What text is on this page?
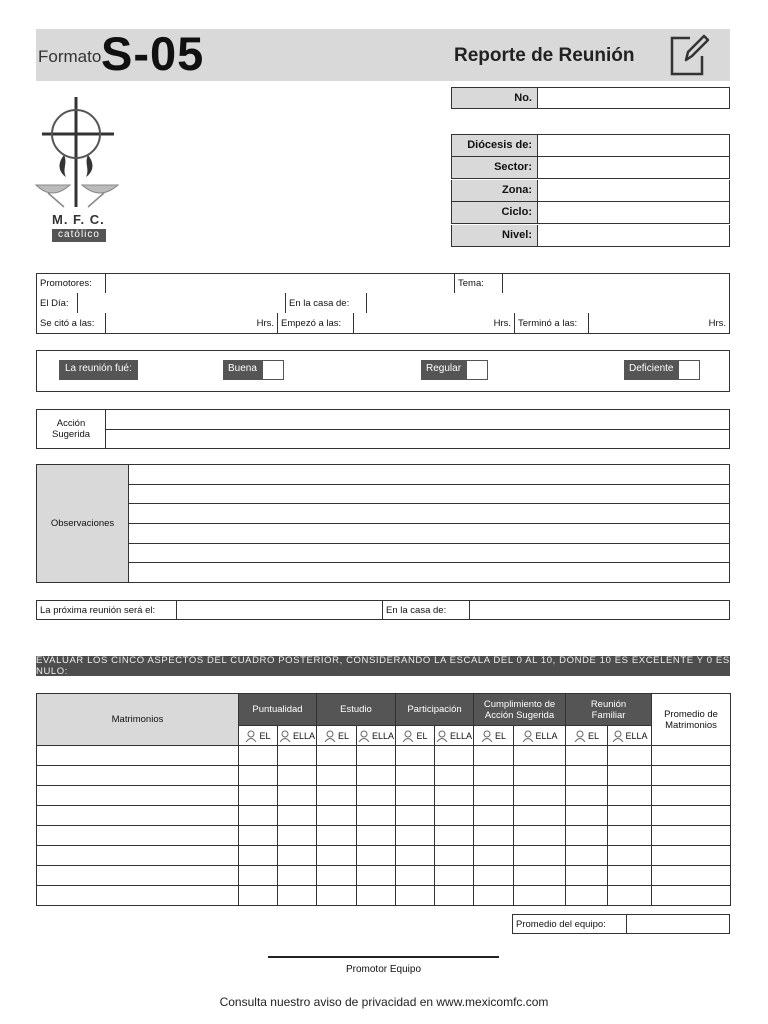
Formato S-05	Reporte de Reunión
M. F. C.
católico
No.
Diócesis de:
Sector:
Zona:
Ciclo:
Nivel:
Promotores:	Tema:
El Día:	En la casa de:
Se citó a las:	Hrs. Empezó a las:	Hrs. Terminó a las:	Hrs.
La reunión fué:	Buena	Regular	Deficiente
Acción
Sugerida
Observaciones
La próxima reunión será el:	En la casa de:
EVALUAR LOS CINCO ASPECTOS DEL CUADRO POSTERIOR, CONSIDERANDO LA ESCALA DEL 0 AL 10, DONDE 10 ES EXCELENTE Y 0 ES NULO:
Matrimonios	Puntualidad		Estudio		Participación		Cumplimiento de Acción Sugerida		Reunión Familiar		Promedio de Matrimonios

	EL	ELLA	EL	ELLA	EL	ELLA	EL	ELLA	EL	ELLA	

Promedio del equipo:
Promotor Equipo
Consulta nuestro aviso de privacidad en www.mexicomfc.com
